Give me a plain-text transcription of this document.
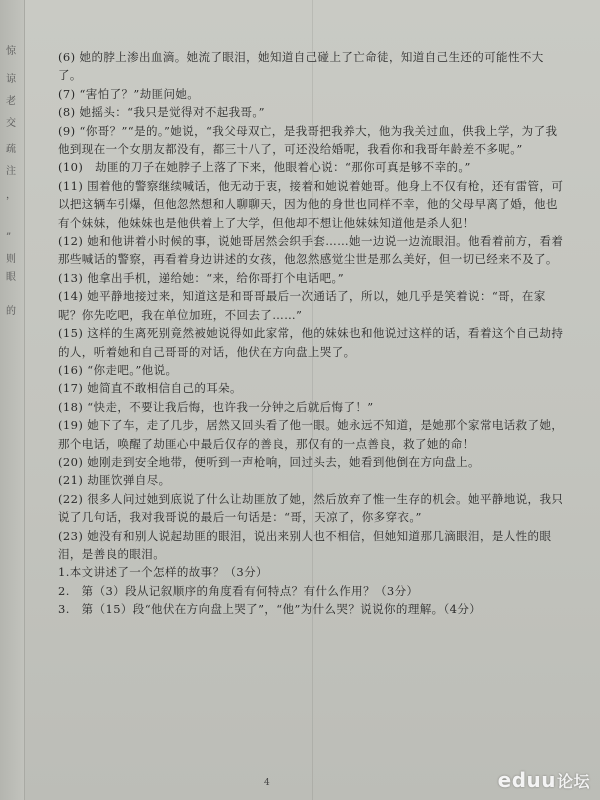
惊
谅
老
交
疏
注
，
”
则
眼
的

(6) 她的脖上渗出血滴。她流了眼泪，她知道自己碰上了亡命徒，知道自己生还的可能性不大了。

(7) “害怕了？”劫匪问她。

(8) 她摇头：“我只是觉得对不起我哥。”

(9) “你哥？”“是的。”她说，“我父母双亡，是我哥把我养大，他为我关过血，供我上学，为了我他到现在一个女朋友都没有，都三十八了，可还没给婚呢，我看你和我哥年龄差不多呢。”

(10)　劫匪的刀子在她脖子上落了下来，他眼着心说：“那你可真是够不幸的。”

(11) 围着他的警察继续喊话，他无动于衷，接着和她说着她哥。他身上不仅有枪，还有雷管，可以把这辆车引爆，但他忽然想和人聊聊天，因为他的身世也同样不幸，他的父母早离了婚，他也有个妹妹，他妹妹也是他供着上了大学，但他却不想让他妹妹知道他是杀人犯！

(12) 她和他讲着小时候的事，说她哥居然会织手套……她一边说一边流眼泪。他看着前方，看着那些喊话的警察，再看着身边讲述的女孩，他忽然感觉尘世是那么美好，但一切已经来不及了。

(13) 他拿出手机，递给她：“来，给你哥打个电话吧。”

(14) 她平静地接过来，知道这是和哥哥最后一次通话了，所以，她几乎是笑着说：“哥，在家呢？你先吃吧，我在单位加班，不回去了……”

(15) 这样的生离死别竟然被她说得如此家常，他的妹妹也和他说过这样的话，看着这个自己劫持的人，听着她和自己哥哥的对话，他伏在方向盘上哭了。

(16) “你走吧。”他说。

(17) 她简直不敢相信自己的耳朵。

(18) “快走，不要让我后悔，也许我一分钟之后就后悔了！”

(19) 她下了车，走了几步，居然又回头看了他一眼。她永远不知道，是她那个家常电话救了她，那个电话，唤醒了劫匪心中最后仅存的善良，那仅有的一点善良，救了她的命！

(20) 她刚走到安全地带，便听到一声枪响，回过头去，她看到他倒在方向盘上。

(21) 劫匪饮弹自尽。

(22) 很多人问过她到底说了什么让劫匪放了她，然后放弃了惟一生存的机会。她平静地说，我只说了几句话，我对我哥说的最后一句话是：“哥，天凉了，你多穿衣。”

(23) 她没有和别人说起劫匪的眼泪，说出来别人也不相信，但她知道那几滴眼泪，是人性的眼泪，是善良的眼泪。

1.本文讲述了一个怎样的故事？（3分）

2.　第（3）段从记叙顺序的角度看有何特点？有什么作用？（3分）

3.　第（15）段“他伏在方向盘上哭了”，“他”为什么哭？说说你的理解。（4分）

4	eduu论坛
